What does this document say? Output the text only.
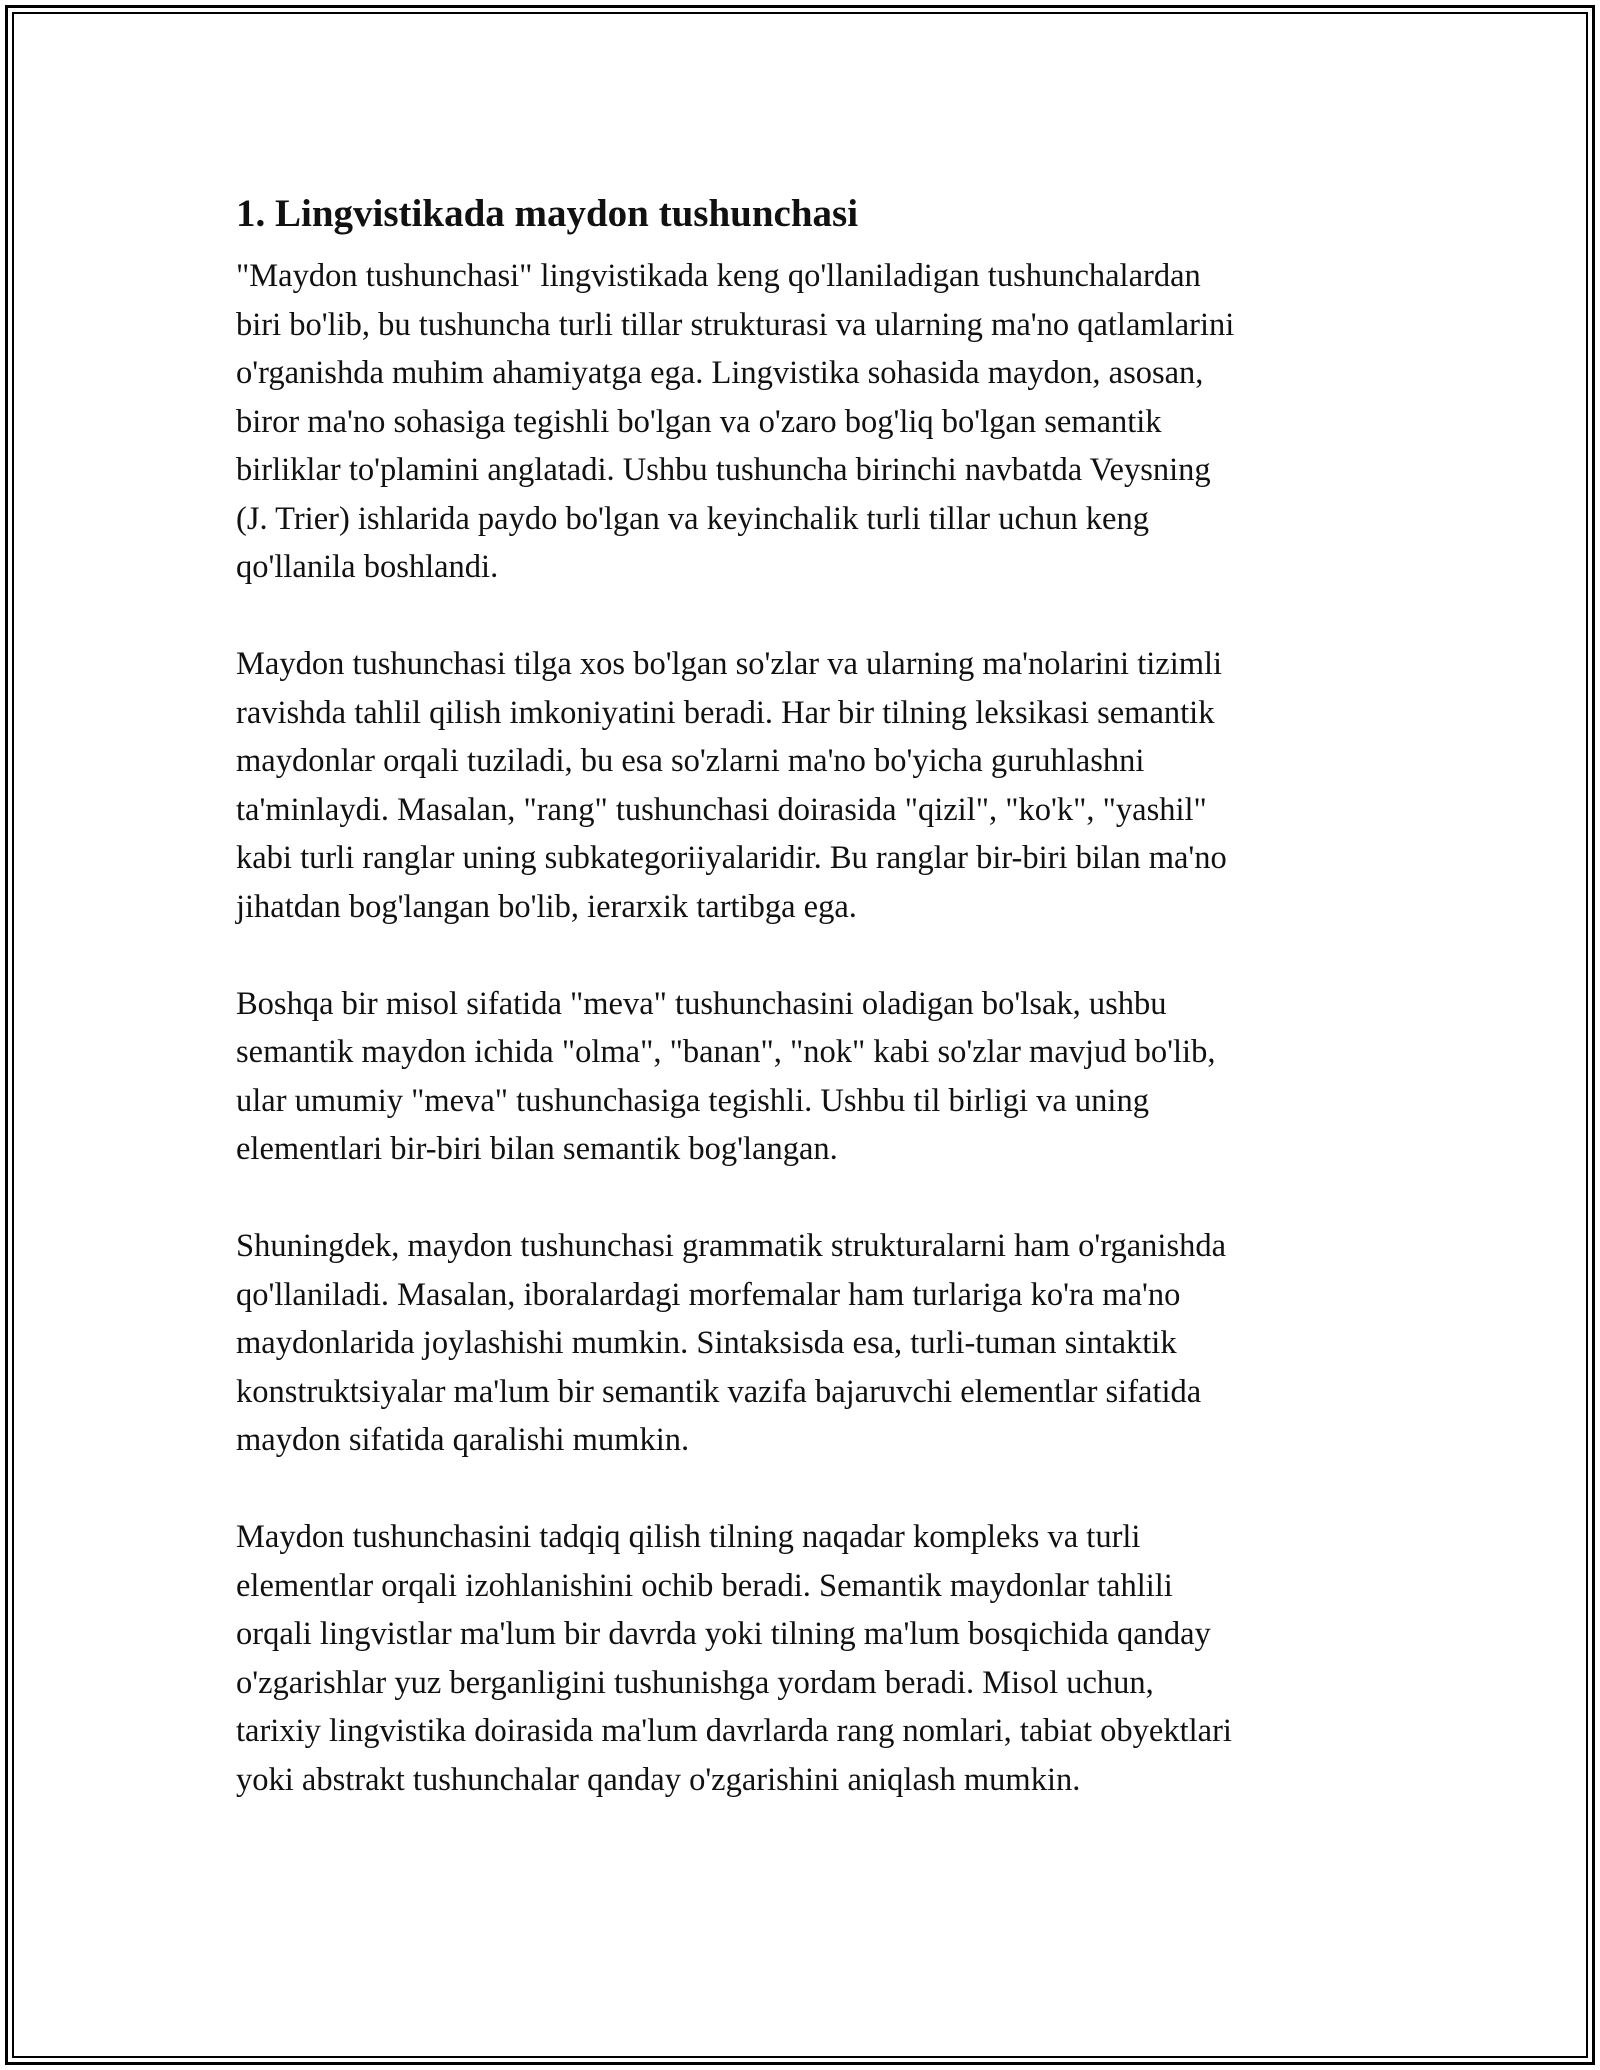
1. Lingvistikada maydon tushunchasi

"Maydon tushunchasi" lingvistikada keng qo'llaniladigan tushunchalardan
biri bo'lib, bu tushuncha turli tillar strukturasi va ularning ma'no qatlamlarini
o'rganishda muhim ahamiyatga ega. Lingvistika sohasida maydon, asosan,
biror ma'no sohasiga tegishli bo'lgan va o'zaro bog'liq bo'lgan semantik
birliklar to'plamini anglatadi. Ushbu tushuncha birinchi navbatda Veysning
(J. Trier) ishlarida paydo bo'lgan va keyinchalik turli tillar uchun keng
qo'llanila boshlandi.

Maydon tushunchasi tilga xos bo'lgan so'zlar va ularning ma'nolarini tizimli
ravishda tahlil qilish imkoniyatini beradi. Har bir tilning leksikasi semantik
maydonlar orqali tuziladi, bu esa so'zlarni ma'no bo'yicha guruhlashni
ta'minlaydi. Masalan, "rang" tushunchasi doirasida "qizil", "ko'k", "yashil"
kabi turli ranglar uning subkategoriiyalaridir. Bu ranglar bir-biri bilan ma'no
jihatdan bog'langan bo'lib, ierarxik tartibga ega.

Boshqa bir misol sifatida "meva" tushunchasini oladigan bo'lsak, ushbu
semantik maydon ichida "olma", "banan", "nok" kabi so'zlar mavjud bo'lib,
ular umumiy "meva" tushunchasiga tegishli. Ushbu til birligi va uning
elementlari bir-biri bilan semantik bog'langan.

Shuningdek, maydon tushunchasi grammatik strukturalarni ham o'rganishda
qo'llaniladi. Masalan, iboralardagi morfemalar ham turlariga ko'ra ma'no
maydonlarida joylashishi mumkin. Sintaksisda esa, turli-tuman sintaktik
konstruktsiyalar ma'lum bir semantik vazifa bajaruvchi elementlar sifatida
maydon sifatida qaralishi mumkin.

Maydon tushunchasini tadqiq qilish tilning naqadar kompleks va turli
elementlar orqali izohlanishini ochib beradi. Semantik maydonlar tahlili
orqali lingvistlar ma'lum bir davrda yoki tilning ma'lum bosqichida qanday
o'zgarishlar yuz berganligini tushunishga yordam beradi. Misol uchun,
tarixiy lingvistika doirasida ma'lum davrlarda rang nomlari, tabiat obyektlari
yoki abstrakt tushunchalar qanday o'zgarishini aniqlash mumkin.
